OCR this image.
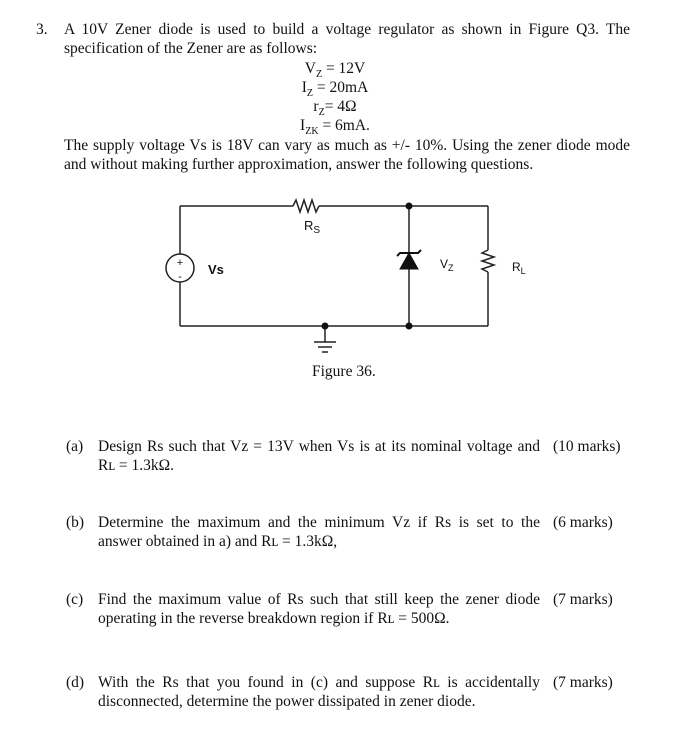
3. A 10V Zener diode is used to build a voltage regulator as shown in Figure Q3. The
specification of the Zener are as follows:
$V_Z = 12V$
$I_Z = 20mA$
$r_Z= 4\Omega$
$I_{ZK} = 6mA$.
The supply voltage Vs is 18V can vary as much as +/- 10%. Using the zener diode mode
and without making further approximation, answer the following questions.
+
-
$R_S$
Vs	$V_Z$	$R_L$
Figure 36.
(a) Design Rs such that Vz = 13V when Vs is at its nominal voltage and
Rʟ = 1.3kΩ.
(10 marks)
(b) Determine the maximum and the minimum Vz if Rs is set to the
answer obtained in a) and Rʟ = 1.3kΩ,
(6 marks)
(c) Find the maximum value of Rs such that still keep the zener diode
operating in the reverse breakdown region if Rʟ = 500Ω.
(7 marks)
(d) With the Rs that you found in (c) and suppose Rʟ is accidentally
disconnected, determine the power dissipated in zener diode.
(7 marks)
